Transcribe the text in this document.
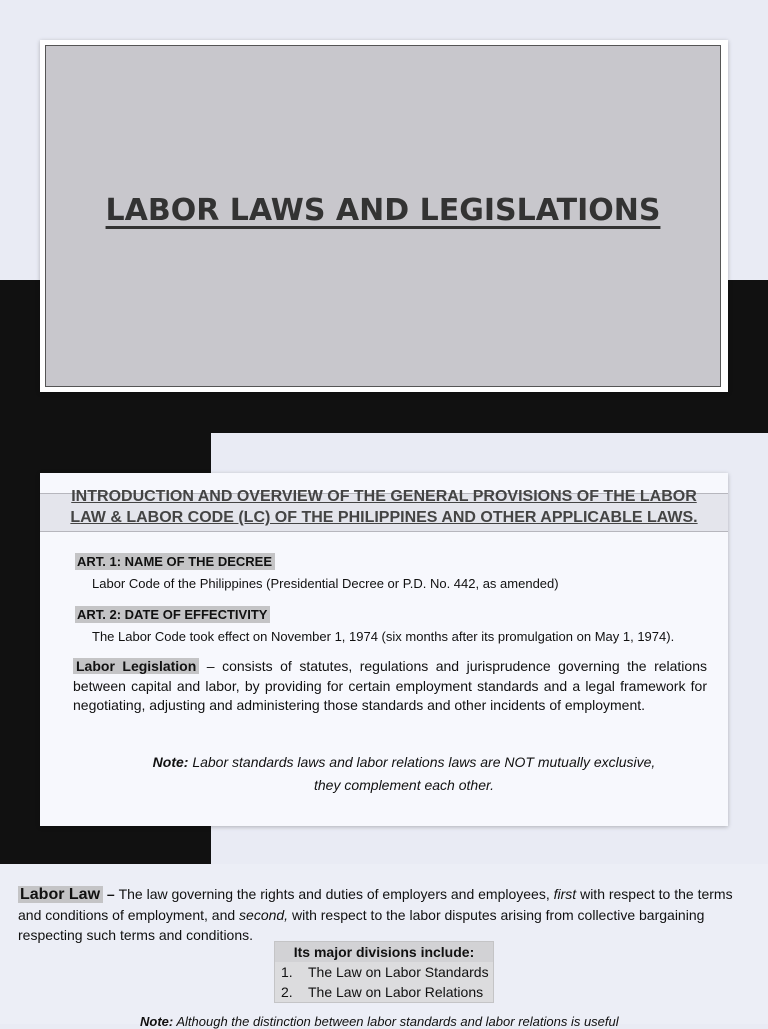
LABOR LAWS AND LEGISLATIONS
INTRODUCTION AND OVERVIEW OF THE GENERAL PROVISIONS OF THE LABOR LAW & LABOR CODE (LC) OF THE PHILIPPINES AND OTHER APPLICABLE LAWS.
ART. 1: NAME OF THE DECREE
Labor Code of the Philippines (Presidential Decree or P.D. No. 442, as amended)
ART. 2: DATE OF EFFECTIVITY
The Labor Code took effect on November 1, 1974 (six months after its promulgation on May 1, 1974).
Labor Legislation – consists of statutes, regulations and jurisprudence governing the relations between capital and labor, by providing for certain employment standards and a legal framework for negotiating, adjusting and administering those standards and other incidents of employment.
Note: Labor standards laws and labor relations laws are NOT mutually exclusive,
they complement each other.
Labor Law – The law governing the rights and duties of employers and employees, first with respect to the terms and conditions of employment, and second, with respect to the labor disputes arising from collective bargaining respecting such terms and conditions.
Its major divisions include:
1. The Law on Labor Standards
2. The Law on Labor Relations
Note: Although the distinction between labor standards and labor relations is useful
